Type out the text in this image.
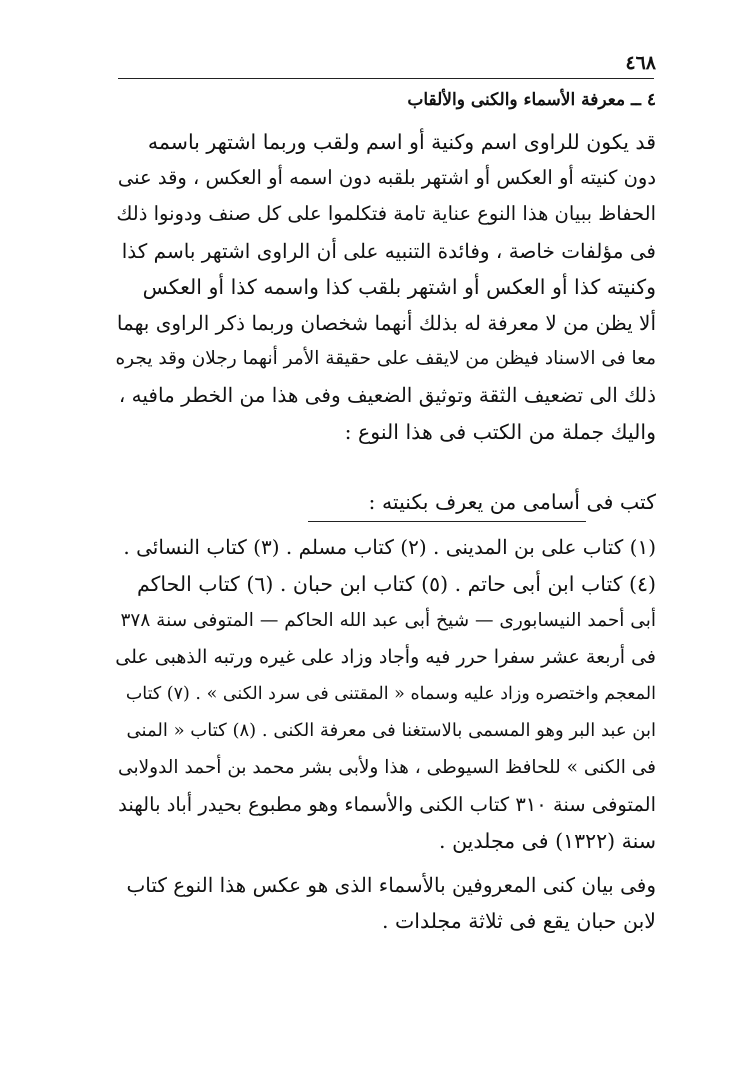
٤٦٨
٤ ــ معرفة الأسماء والكنى والألقاب
قد يكون للراوى اسم وكنية أو اسم ولقب وربما اشتهر باسمه
دون كنيته أو العكس أو اشتهر بلقبه دون اسمه أو العكس ، وقد عنى
الحفاظ ببيان هذا النوع عناية تامة فتكلموا على كل صنف ودونوا ذلك
فى مؤلفات خاصة ، وفائدة التنبيه على أن الراوى اشتهر باسم كذا
وكنيته كذا أو العكس أو اشتهر بلقب كذا واسمه كذا أو العكس
ألا يظن من لا معرفة له بذلك أنهما شخصان وربما ذكر الراوى بهما
معا فى الاسناد فيظن من لايقف على حقيقة الأمر أنهما رجلان وقد يجره
ذلك الى تضعيف الثقة وتوثيق الضعيف وفى هذا من الخطر مافيه ،
واليك جملة من الكتب فى هذا النوع :
كتب فى أسامى من يعرف بكنيته :
(١) كتاب على بن المدينى . (٢) كتاب مسلم . (٣) كتاب النسائى .
(٤) كتاب ابن أبى حاتم . (٥) كتاب ابن حبان . (٦) كتاب الحاكم
أبى أحمد النيسابورى — شيخ أبى عبد الله الحاكم — المتوفى سنة ٣٧٨
فى أربعة عشر سفرا حرر فيه وأجاد وزاد على غيره ورتبه الذهبى على
المعجم واختصره وزاد عليه وسماه « المقتنى فى سرد الكنى » . (٧) كتاب
ابن عبد البر وهو المسمى بالاستغنا فى معرفة الكنى . (٨) كتاب « المنى
فى الكنى » للحافظ السيوطى ، هذا ولأبى بشر محمد بن أحمد الدولابى
المتوفى سنة ٣١٠ كتاب الكنى والأسماء وهو مطبوع بحيدر أباد بالهند
سنة (١٣٢٢) فى مجلدين .
وفى بيان كنى المعروفين بالأسماء الذى هو عكس هذا النوع كتاب
لابن حبان يقع فى ثلاثة مجلدات .
